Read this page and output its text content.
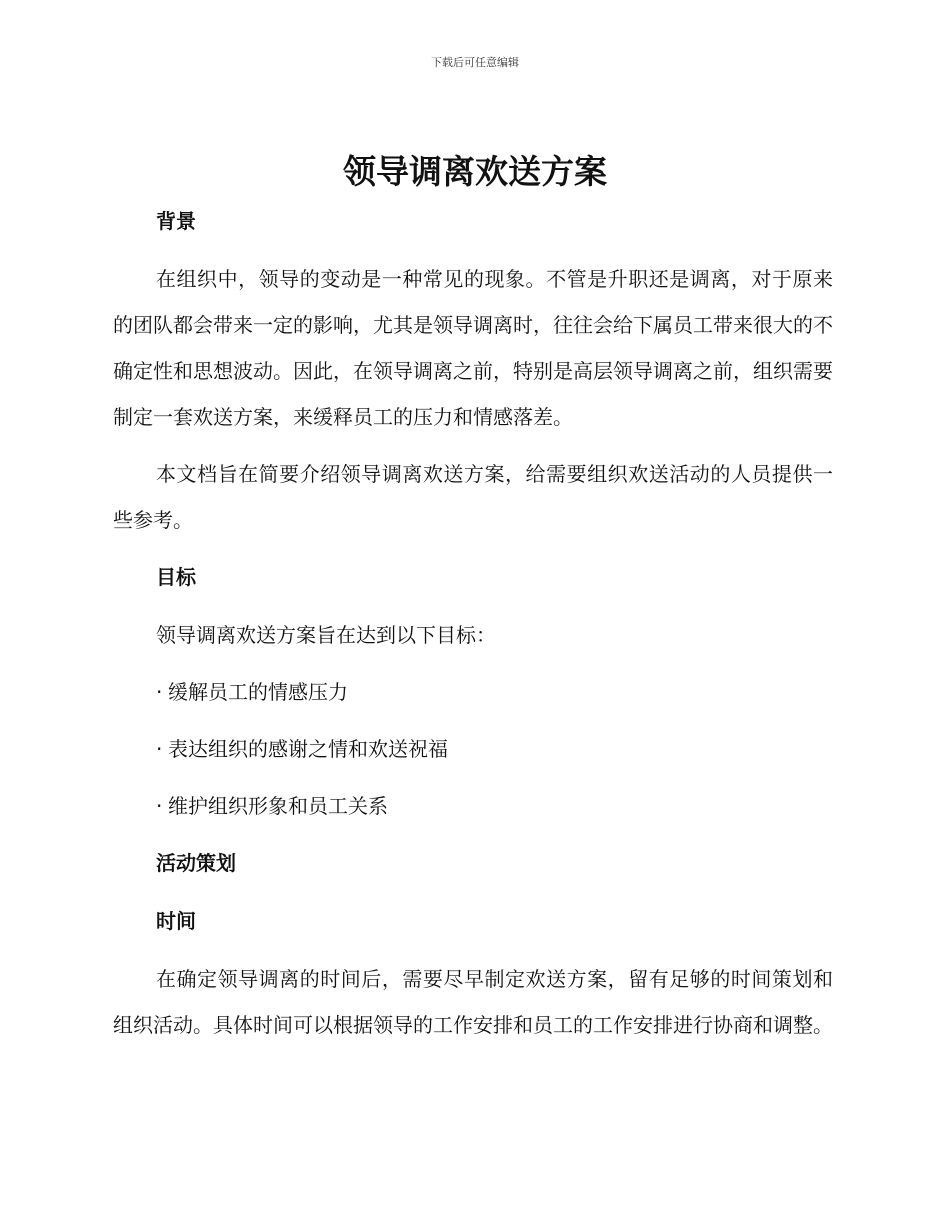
下载后可任意编辑
领导调离欢送方案
背景

在组织中，领导的变动是一种常见的现象。不管是升职还是调离，对于原来的团队都会带来一定的影响，尤其是领导调离时，往往会给下属员工带来很大的不确定性和思想波动。因此，在领导调离之前，特别是高层领导调离之前，组织需要制定一套欢送方案，来缓释员工的压力和情感落差。

本文档旨在简要介绍领导调离欢送方案，给需要组织欢送活动的人员提供一些参考。

目标
领导调离欢送方案旨在达到以下目标：
· 缓解员工的情感压力
· 表达组织的感谢之情和欢送祝福
· 维护组织形象和员工关系
活动策划
时间

在确定领导调离的时间后，需要尽早制定欢送方案，留有足够的时间策划和组织活动。具体时间可以根据领导的工作安排和员工的工作安排进行协商和调整。
